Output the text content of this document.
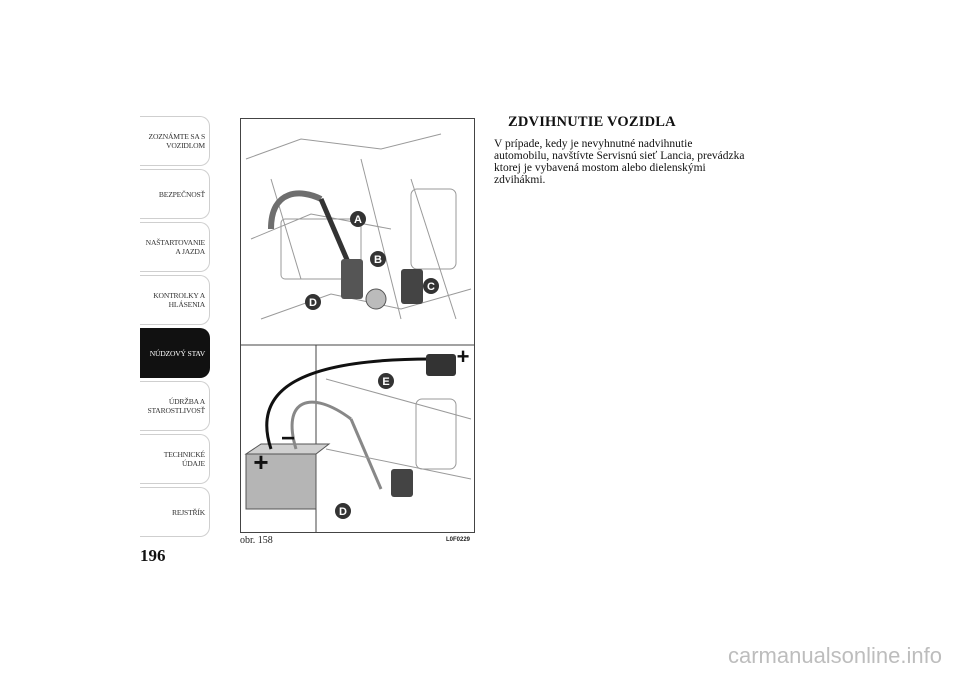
ZOZNÁMTE SA S
VOZIDLOM
BEZPEČNOSŤ
NAŠTARTOVANIE
A JAZDA
KONTROLKY A
HLÁSENIA
NÚDZOVÝ STAV
ÚDRŽBA A
STAROSTLIVOSŤ
TECHNICKÉ
ÚDAJE
REJSTŘÍK
196
A
B
C
D
E
D
+
+
−
obr. 158	L0F0229
ZDVIHNUTIE VOZIDLA

V prípade, kedy je nevyhnutné nadvihnutie
automobilu, navštívte Servisnú sieť Lancia, prevádzka
ktorej je vybavená mostom alebo dielenskými
zdvihákmi.

carmanualsonline.info
